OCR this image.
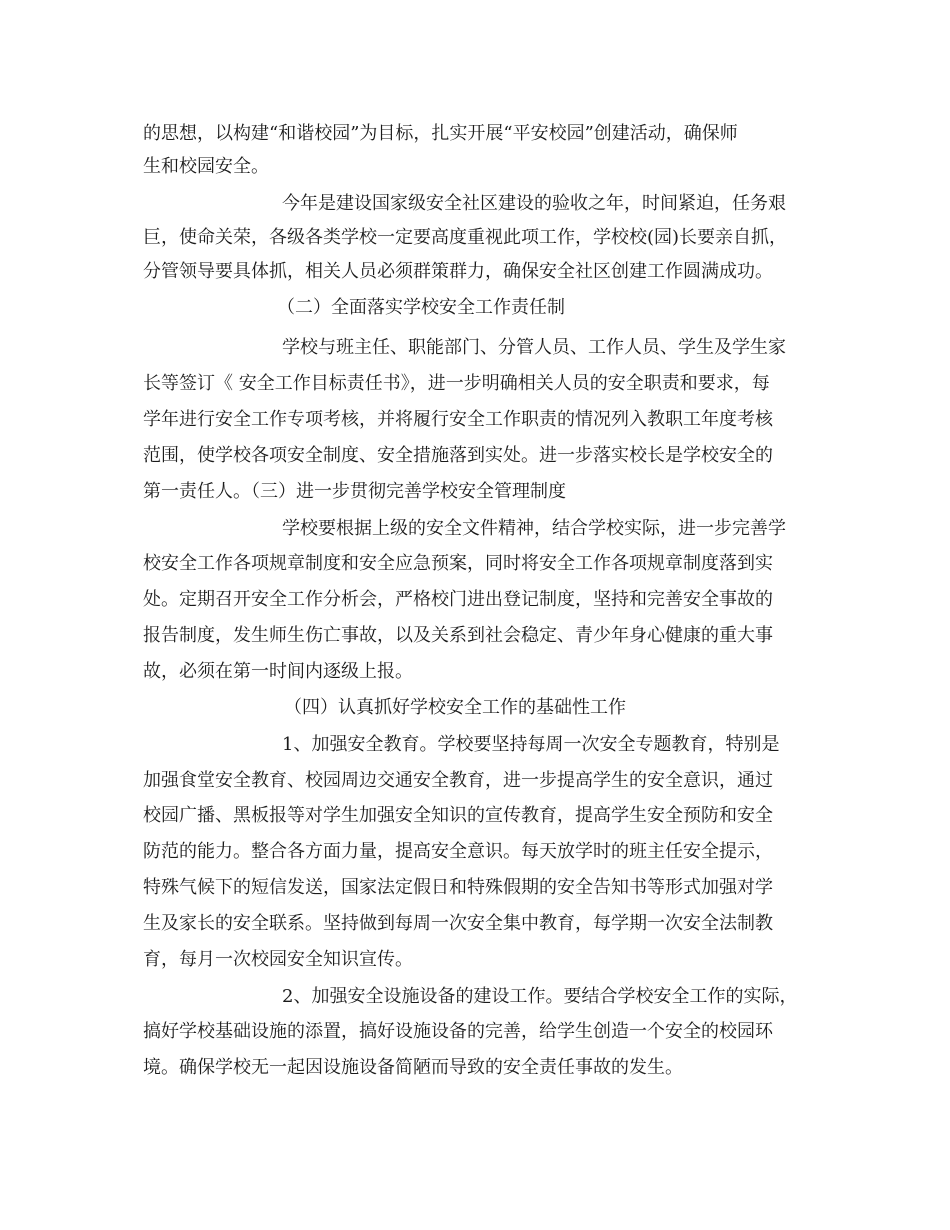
的思想，以构建“和谐校园”为目标，扎实开展“平安校园”创建活动，确保师

生和校园安全。

今年是建设国家级安全社区建设的验收之年，时间紧迫，任务艰

巨，使命关荣，各级各类学校一定要高度重视此项工作，学校校(园)长要亲自抓，

分管领导要具体抓，相关人员必须群策群力，确保安全社区创建工作圆满成功。

（二）全面落实学校安全工作责任制

学校与班主任、职能部门、分管人员、工作人员、学生及学生家

长等签订《 安全工作目标责任书》，进一步明确相关人员的安全职责和要求，每

学年进行安全工作专项考核，并将履行安全工作职责的情况列入教职工年度考核

范围，使学校各项安全制度、安全措施落到实处。进一步落实校长是学校安全的

第一责任人。（三）进一步贯彻完善学校安全管理制度

学校要根据上级的安全文件精神，结合学校实际，进一步完善学

校安全工作各项规章制度和安全应急预案，同时将安全工作各项规章制度落到实

处。定期召开安全工作分析会，严格校门进出登记制度，坚持和完善安全事故的

报告制度，发生师生伤亡事故，以及关系到社会稳定、青少年身心健康的重大事

故，必须在第一时间内逐级上报。

（四）认真抓好学校安全工作的基础性工作

1、加强安全教育。学校要坚持每周一次安全专题教育，特别是

加强食堂安全教育、校园周边交通安全教育，进一步提高学生的安全意识，通过

校园广播、黑板报等对学生加强安全知识的宣传教育，提高学生安全预防和安全

防范的能力。整合各方面力量，提高安全意识。每天放学时的班主任安全提示，

特殊气候下的短信发送，国家法定假日和特殊假期的安全告知书等形式加强对学

生及家长的安全联系。坚持做到每周一次安全集中教育，每学期一次安全法制教

育，每月一次校园安全知识宣传。

2、加强安全设施设备的建设工作。要结合学校安全工作的实际，

搞好学校基础设施的添置，搞好设施设备的完善，给学生创造一个安全的校园环

境。确保学校无一起因设施设备简陋而导致的安全责任事故的发生。
